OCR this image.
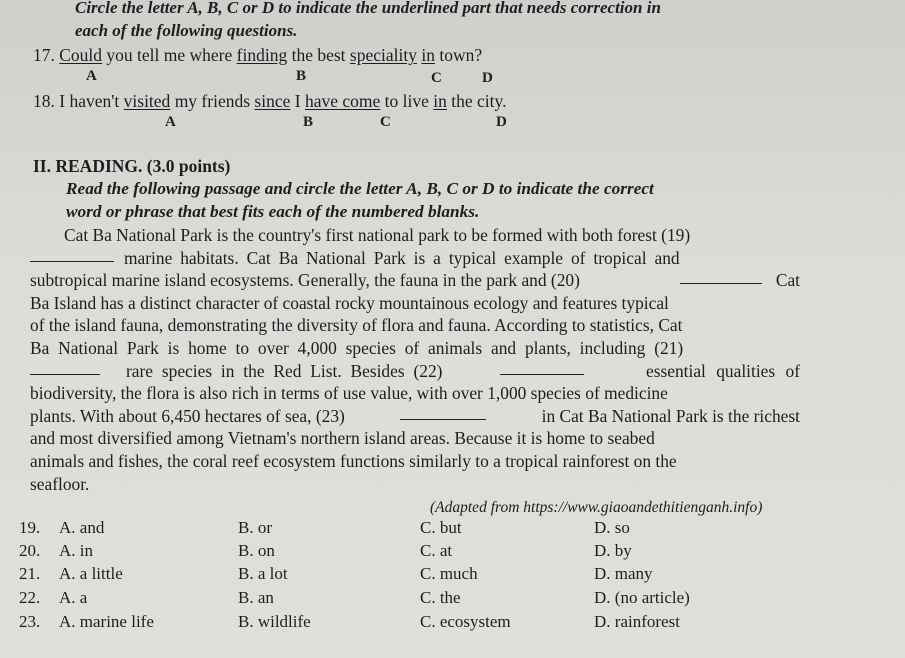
Circle the letter A, B, C or D to indicate the underlined part that needs correction in
each of the following questions.
17. Could you tell me where finding the best speciality in town?
A	B	C	D
18. I haven't visited my friends since I have come to live in the city.
A	B	C	D
II. READING. (3.0 points)
Read the following passage and circle the letter A, B, C or D to indicate the correct
word or phrase that best fits each of the numbered blanks.
Cat Ba National Park is the country's first national park to be formed with both forest (19)
marine habitats. Cat Ba National Park is a typical example of tropical and
subtropical marine island ecosystems. Generally, the fauna in the park and (20)	Cat
Ba Island has a distinct character of coastal rocky mountainous ecology and features typical
of the island fauna, demonstrating the diversity of flora and fauna. According to statistics, Cat
Ba National Park is home to over 4,000 species of animals and plants, including (21)
rare species in the Red List. Besides (22)	essential qualities of
biodiversity, the flora is also rich in terms of use value, with over 1,000 species of medicine
plants. With about 6,450 hectares of sea, (23)	in Cat Ba National Park is the richest
and most diversified among Vietnam's northern island areas. Because it is home to seabed
animals and fishes, the coral reef ecosystem functions similarly to a tropical rainforest on the
seafloor.
(Adapted from https://www.giaoandethitienganh.info)
19. A. and	B. or	C. but	D. so
20. A. in	B. on	C. at	D. by
21. A. a little	B. a lot	C. much	D. many
22. A. a	B. an	C. the	D. (no article)
23. A. marine life	B. wildlife	C. ecosystem	D. rainforest
